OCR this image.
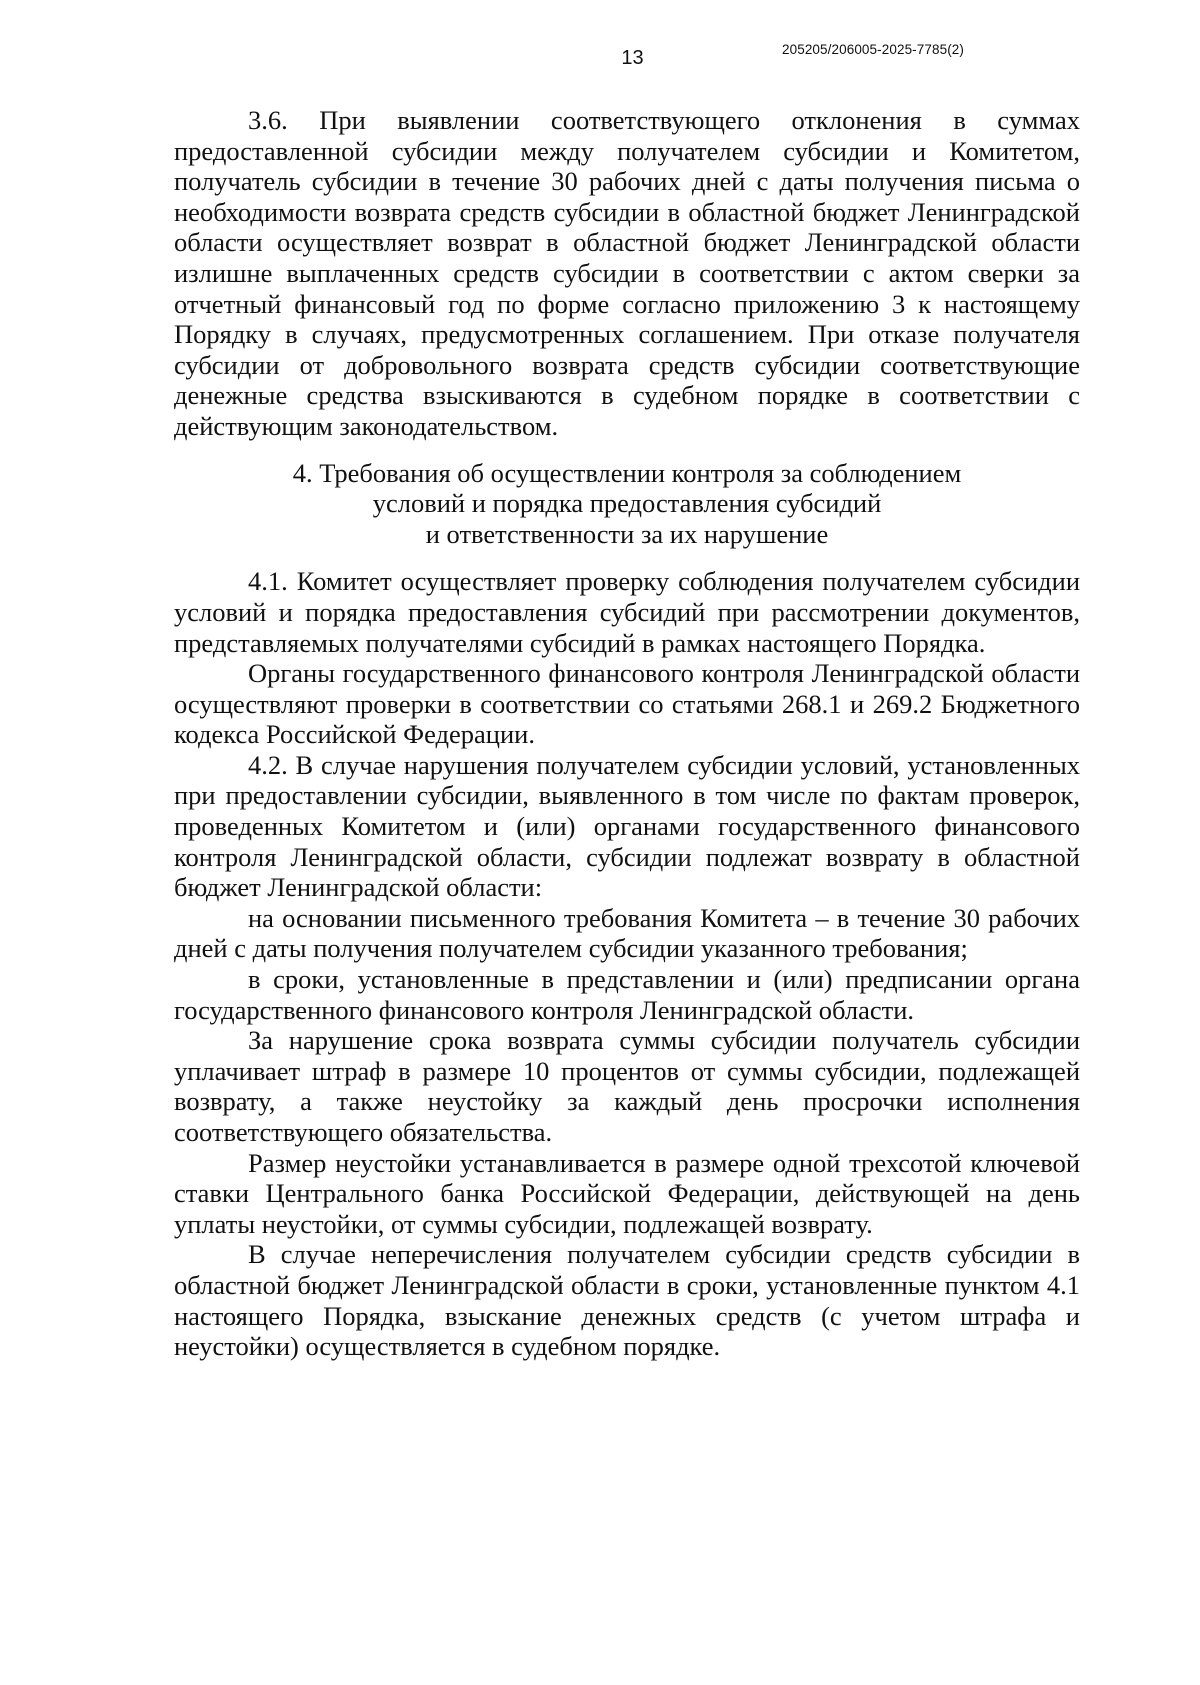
13	205205/206005-2025-7785(2)

3.6. При выявлении соответствующего отклонения в суммах предоставленной субсидии между получателем субсидии и Комитетом, получатель субсидии в течение 30 рабочих дней с даты получения письма о необходимости возврата средств субсидии в областной бюджет Ленинградской области осуществляет возврат в областной бюджет Ленинградской области излишне выплаченных средств субсидии в соответствии с актом сверки за отчетный финансовый год по форме согласно приложению 3 к настоящему Порядку в случаях, предусмотренных соглашением. При отказе получателя субсидии от добровольного возврата средств субсидии соответствующие денежные средства взыскиваются в судебном порядке в соответствии с действующим законодательством.

4. Требования об осуществлении контроля за соблюдением
условий и порядка предоставления субсидий
и ответственности за их нарушение

4.1. Комитет осуществляет проверку соблюдения получателем субсидии условий и порядка предоставления субсидий при рассмотрении документов, представляемых получателями субсидий в рамках настоящего Порядка.

Органы государственного финансового контроля Ленинградской области осуществляют проверки в соответствии со статьями 268.1 и 269.2 Бюджетного кодекса Российской Федерации.

4.2. В случае нарушения получателем субсидии условий, установленных при предоставлении субсидии, выявленного в том числе по фактам проверок, проведенных Комитетом и (или) органами государственного финансового контроля Ленинградской области, субсидии подлежат возврату в областной бюджет Ленинградской области:

на основании письменного требования Комитета – в течение 30 рабочих дней с даты получения получателем субсидии указанного требования;

в сроки, установленные в представлении и (или) предписании органа государственного финансового контроля Ленинградской области.

За нарушение срока возврата суммы субсидии получатель субсидии уплачивает штраф в размере 10 процентов от суммы субсидии, подлежащей возврату, а также неустойку за каждый день просрочки исполнения соответствующего обязательства.

Размер неустойки устанавливается в размере одной трехсотой ключевой ставки Центрального банка Российской Федерации, действующей на день уплаты неустойки, от суммы субсидии, подлежащей возврату.

В случае неперечисления получателем субсидии средств субсидии в областной бюджет Ленинградской области в сроки, установленные пунктом 4.1 настоящего Порядка, взыскание денежных средств (с учетом штрафа и неустойки) осуществляется в судебном порядке.
